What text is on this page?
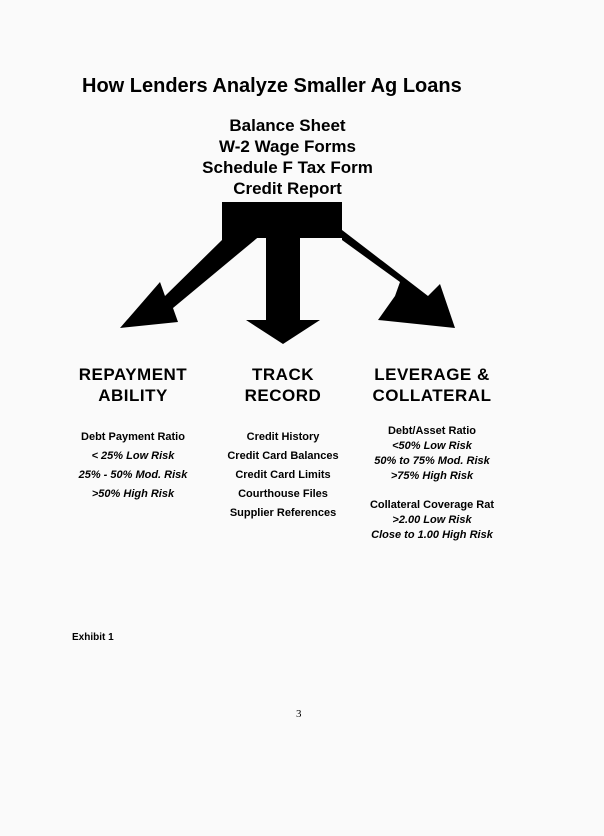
How Lenders Analyze Smaller Ag Loans
Balance Sheet
W-2 Wage Forms
Schedule F Tax Form
Credit Report
REPAYMENT
ABILITY
Debt Payment Ratio
< 25% Low Risk
25% - 50% Mod. Risk
>50% High Risk
TRACK
RECORD
Credit History
Credit Card Balances
Credit Card Limits
Courthouse Files
Supplier References
LEVERAGE &
COLLATERAL
Debt/Asset Ratio
<50% Low Risk
50% to 75% Mod. Risk
>75% High Risk
Collateral Coverage Rat
>2.00 Low Risk
Close to 1.00 High Risk
Exhibit 1
3
